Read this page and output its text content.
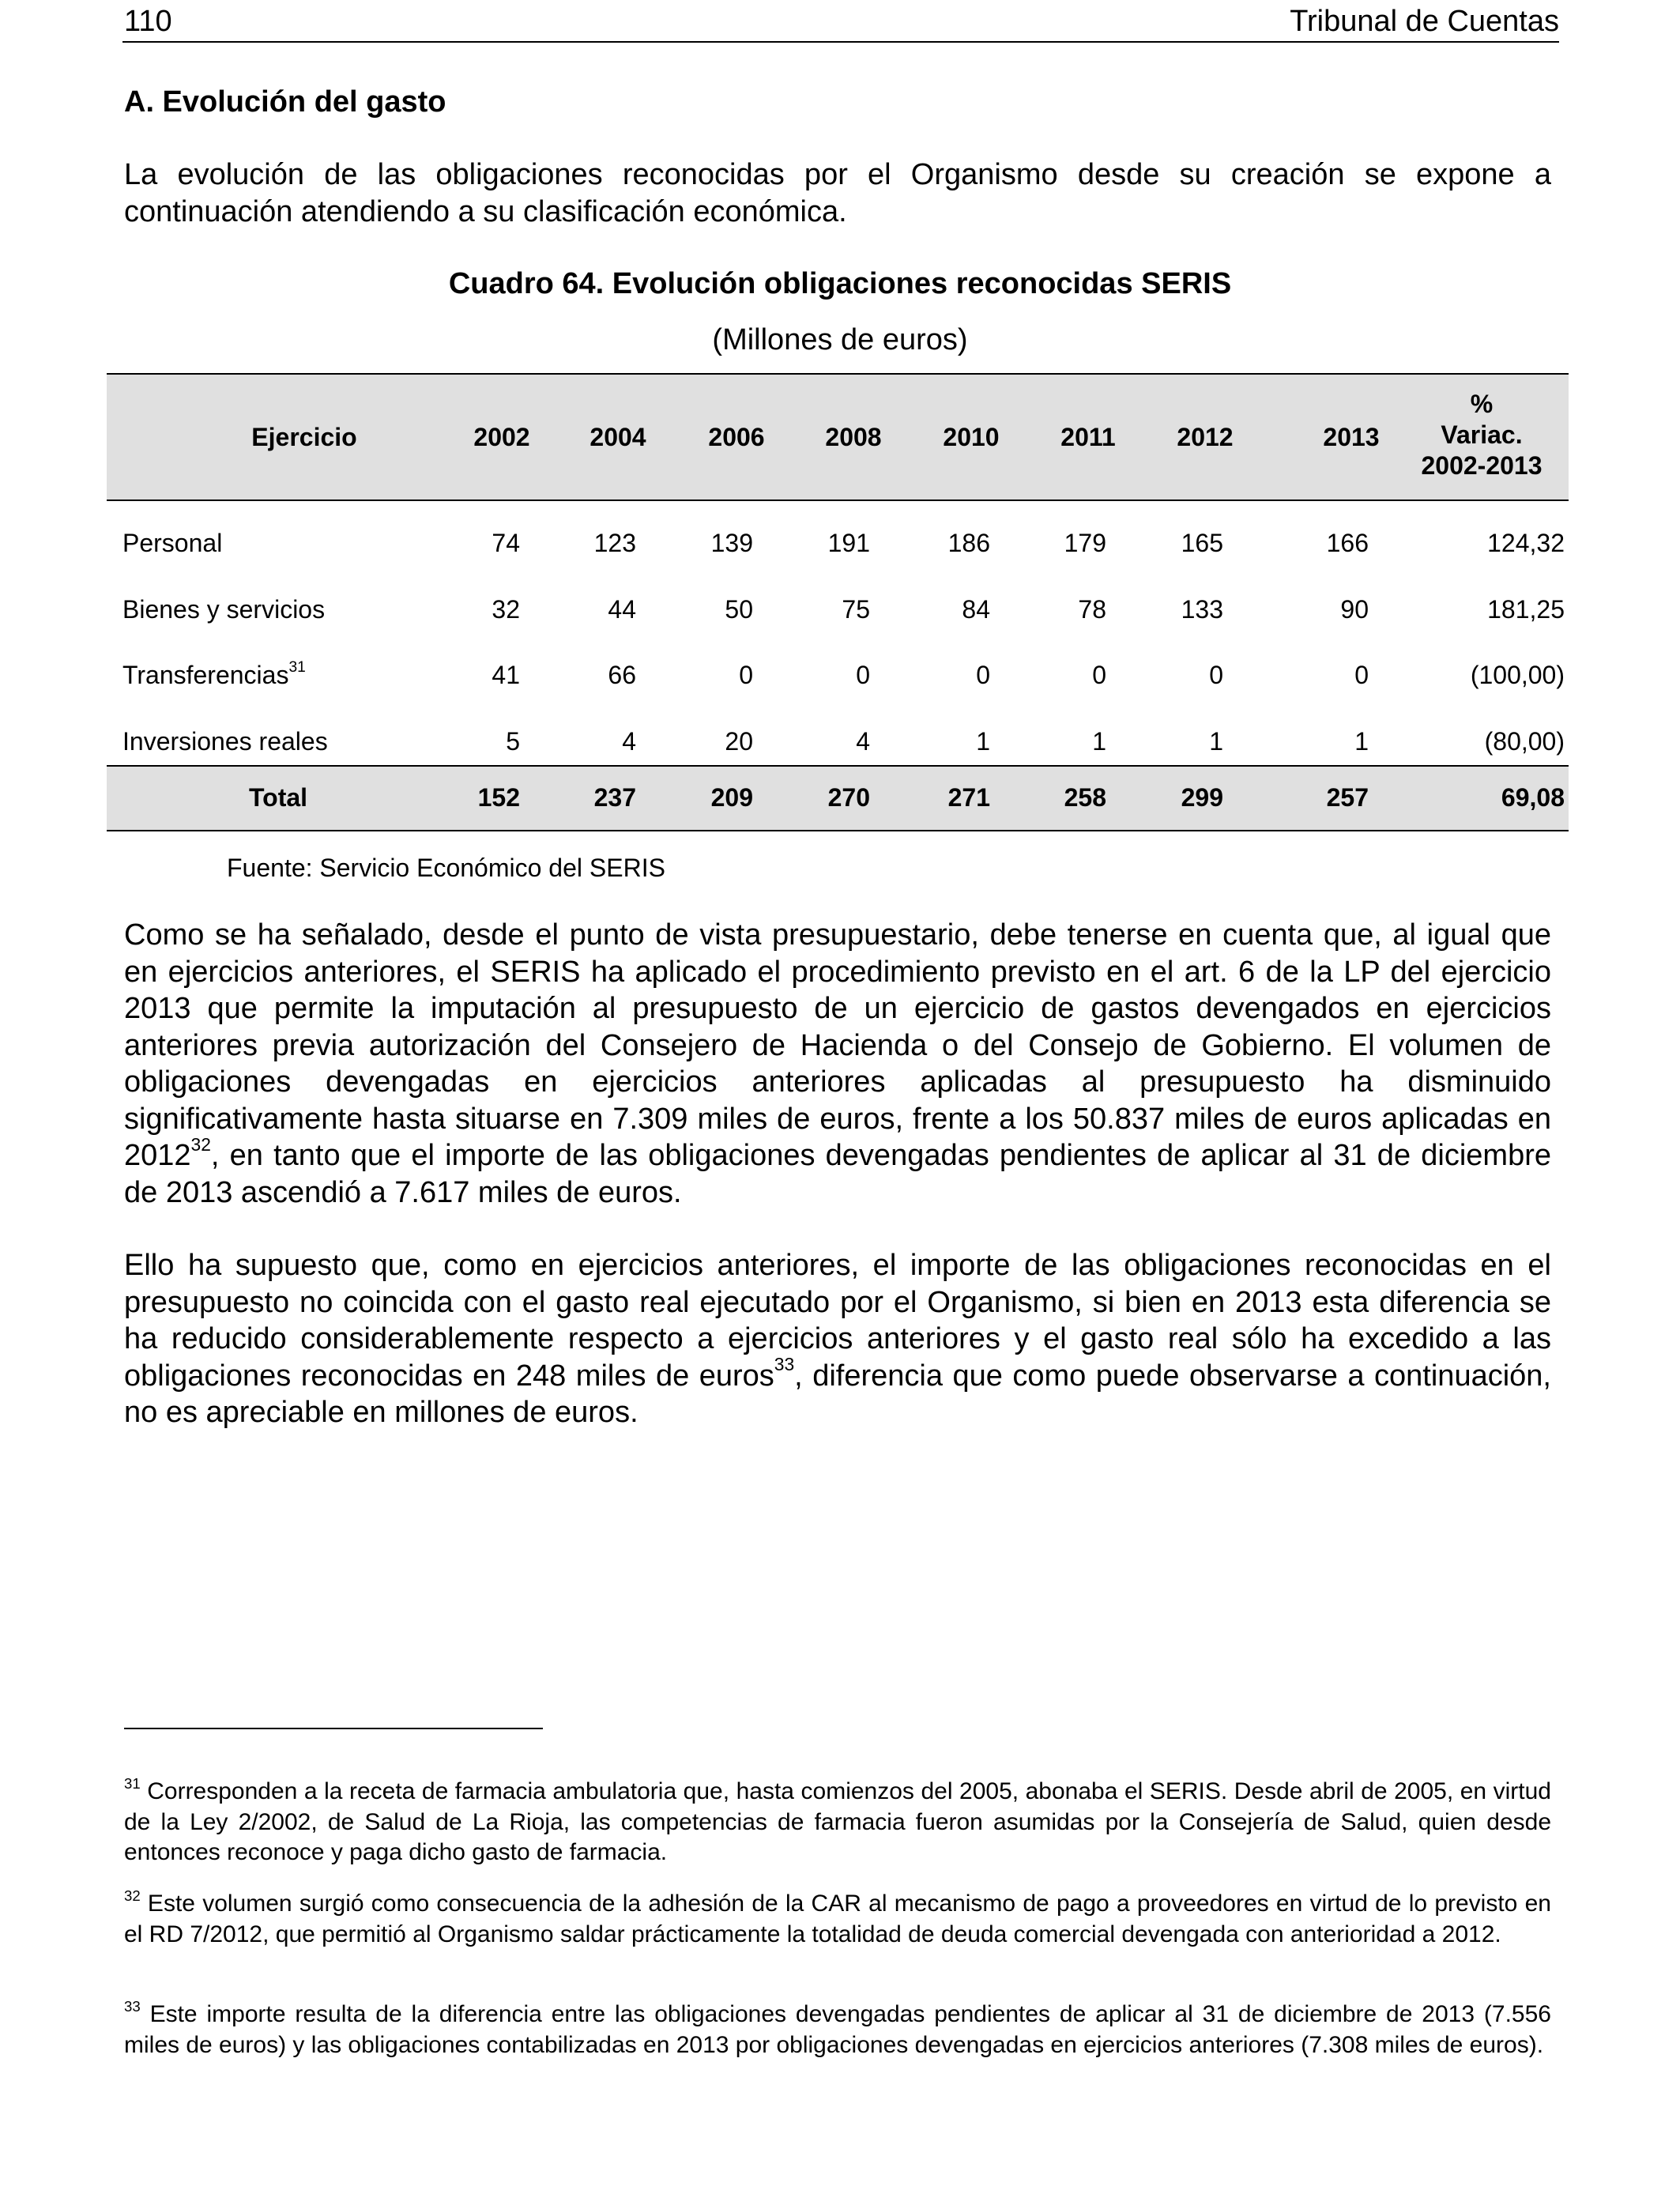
110	Tribunal de Cuentas
A. Evolución del gasto
La evolución de las obligaciones reconocidas por el Organismo desde su creación se expone a continuación atendiendo a su clasificación económica.
Cuadro 64. Evolución obligaciones reconocidas SERIS
(Millones de euros)
Ejercicio	2002	2004	2006	2008	2010	2011	2012	2013
%
Variac.
2002-2013
Personal	74	123	139	191	186	179	165	166	124,32
Bienes y servicios	32	44	50	75	84	78	133	90	181,25
Transferencias$^{31}$	41	66	0	0	0	0	0	0	(100,00)
Inversiones reales	5	4	20	4	1	1	1	1	(80,00)
Total	152	237	209	270	271	258	299	257	69,08
Fuente: Servicio Económico del SERIS
Como se ha señalado, desde el punto de vista presupuestario, debe tenerse en cuenta que, al igual que en ejercicios anteriores, el SERIS ha aplicado el procedimiento previsto en el art. 6 de la LP del ejercicio 2013 que permite la imputación al presupuesto de un ejercicio de gastos devengados en ejercicios anteriores previa autorización del Consejero de Hacienda o del Consejo de Gobierno. El volumen de obligaciones devengadas en ejercicios anteriores aplicadas al presupuesto ha disminuido significativamente hasta situarse en 7.309 miles de euros, frente a los 50.837 miles de euros aplicadas en 2012$^{32}$, en tanto que el importe de las obligaciones devengadas pendientes de aplicar al 31 de diciembre de 2013 ascendió a 7.617 miles de euros.
Ello ha supuesto que, como en ejercicios anteriores, el importe de las obligaciones reconocidas en el presupuesto no coincida con el gasto real ejecutado por el Organismo, si bien en 2013 esta diferencia se ha reducido considerablemente respecto a ejercicios anteriores y el gasto real sólo ha excedido a las obligaciones reconocidas en 248 miles de euros$^{33}$, diferencia que como puede observarse a continuación, no es apreciable en millones de euros.
$^{31}$ Corresponden a la receta de farmacia ambulatoria que, hasta comienzos del 2005, abonaba el SERIS. Desde abril de 2005, en virtud de la Ley 2/2002, de Salud de La Rioja, las competencias de farmacia fueron asumidas por la Consejería de Salud, quien desde entonces reconoce y paga dicho gasto de farmacia.
$^{32}$ Este volumen surgió como consecuencia de la adhesión de la CAR al mecanismo de pago a proveedores en virtud de lo previsto en el RD 7/2012, que permitió al Organismo saldar prácticamente la totalidad de deuda comercial devengada con anterioridad a 2012.
$^{33}$ Este importe resulta de la diferencia entre las obligaciones devengadas pendientes de aplicar al 31 de diciembre de 2013 (7.556 miles de euros) y las obligaciones contabilizadas en 2013 por obligaciones devengadas en ejercicios anteriores (7.308 miles de euros).
